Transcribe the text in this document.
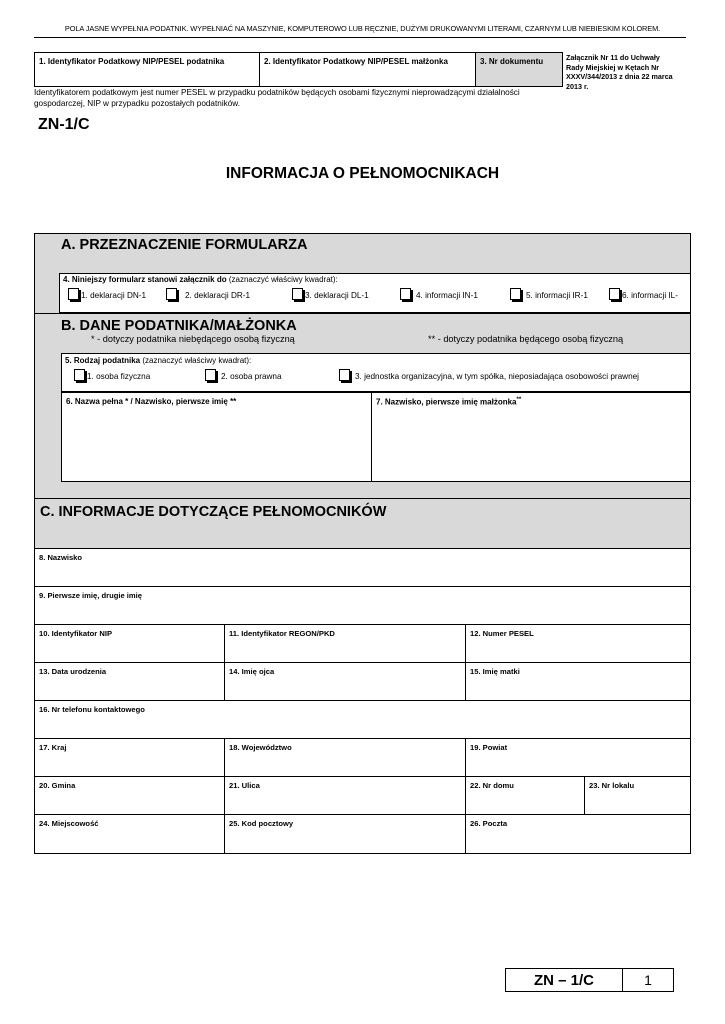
POLA JASNE WYPEŁNIA PODATNIK. WYPEŁNIAĆ NA MASZYNIE, KOMPUTEROWO LUB RĘCZNIE, DUŻYMI DRUKOWANYMI LITERAMI, CZARNYM LUB NIEBIESKIM KOLOREM.
1. Identyfikator Podatkowy NIP/PESEL podatnika	2. Identyfikator Podatkowy NIP/PESEL małżonka	3. Nr dokumentu	Załącznik Nr 11 do Uchwały
Rady Miejskiej w Kętach Nr
XXXV/344/2013 z dnia 22 marca
2013 r.
Identyfikatorem podatkowym jest numer PESEL w przypadku podatników będących osobami fizycznymi nieprowadzącymi działalności
gospodarczej, NIP w przypadku pozostałych podatników.
ZN-1/C
INFORMACJA O PEŁNOMOCNIKACH
A. PRZEZNACZENIE FORMULARZA
4. Niniejszy formularz stanowi załącznik do (zaznaczyć właściwy kwadrat):
1. deklaracji DN-1	2. deklaracji DR-1	3. deklaracji DL-1	4. informacji IN-1	5. informacji IR-1	6. informacji IL-
B. DANE PODATNIKA/MAŁŻONKA
* - dotyczy podatnika niebędącego osobą fizyczną	** - dotyczy podatnika będącego osobą fizyczną
5. Rodzaj podatnika (zaznaczyć właściwy kwadrat):
1. osoba fizyczna	2. osoba prawna	3. jednostka organizacyjna, w tym spółka, nieposiadająca osobowości prawnej
6. Nazwa pełna * / Nazwisko, pierwsze imię **	7. Nazwisko, pierwsze imię małżonka**
C. INFORMACJE DOTYCZĄCE PEŁNOMOCNIKÓW
8. Nazwisko
9. Pierwsze imię, drugie imię
10. Identyfikator NIP	11. Identyfikator REGON/PKD	12. Numer PESEL
13. Data urodzenia	14. Imię ojca	15. Imię matki
16. Nr telefonu kontaktowego
17. Kraj	18. Województwo	19. Powiat
20. Gmina	21. Ulica	22. Nr domu	23. Nr lokalu
24. Miejscowość	25. Kod pocztowy	26. Poczta
ZN – 1/C	1
